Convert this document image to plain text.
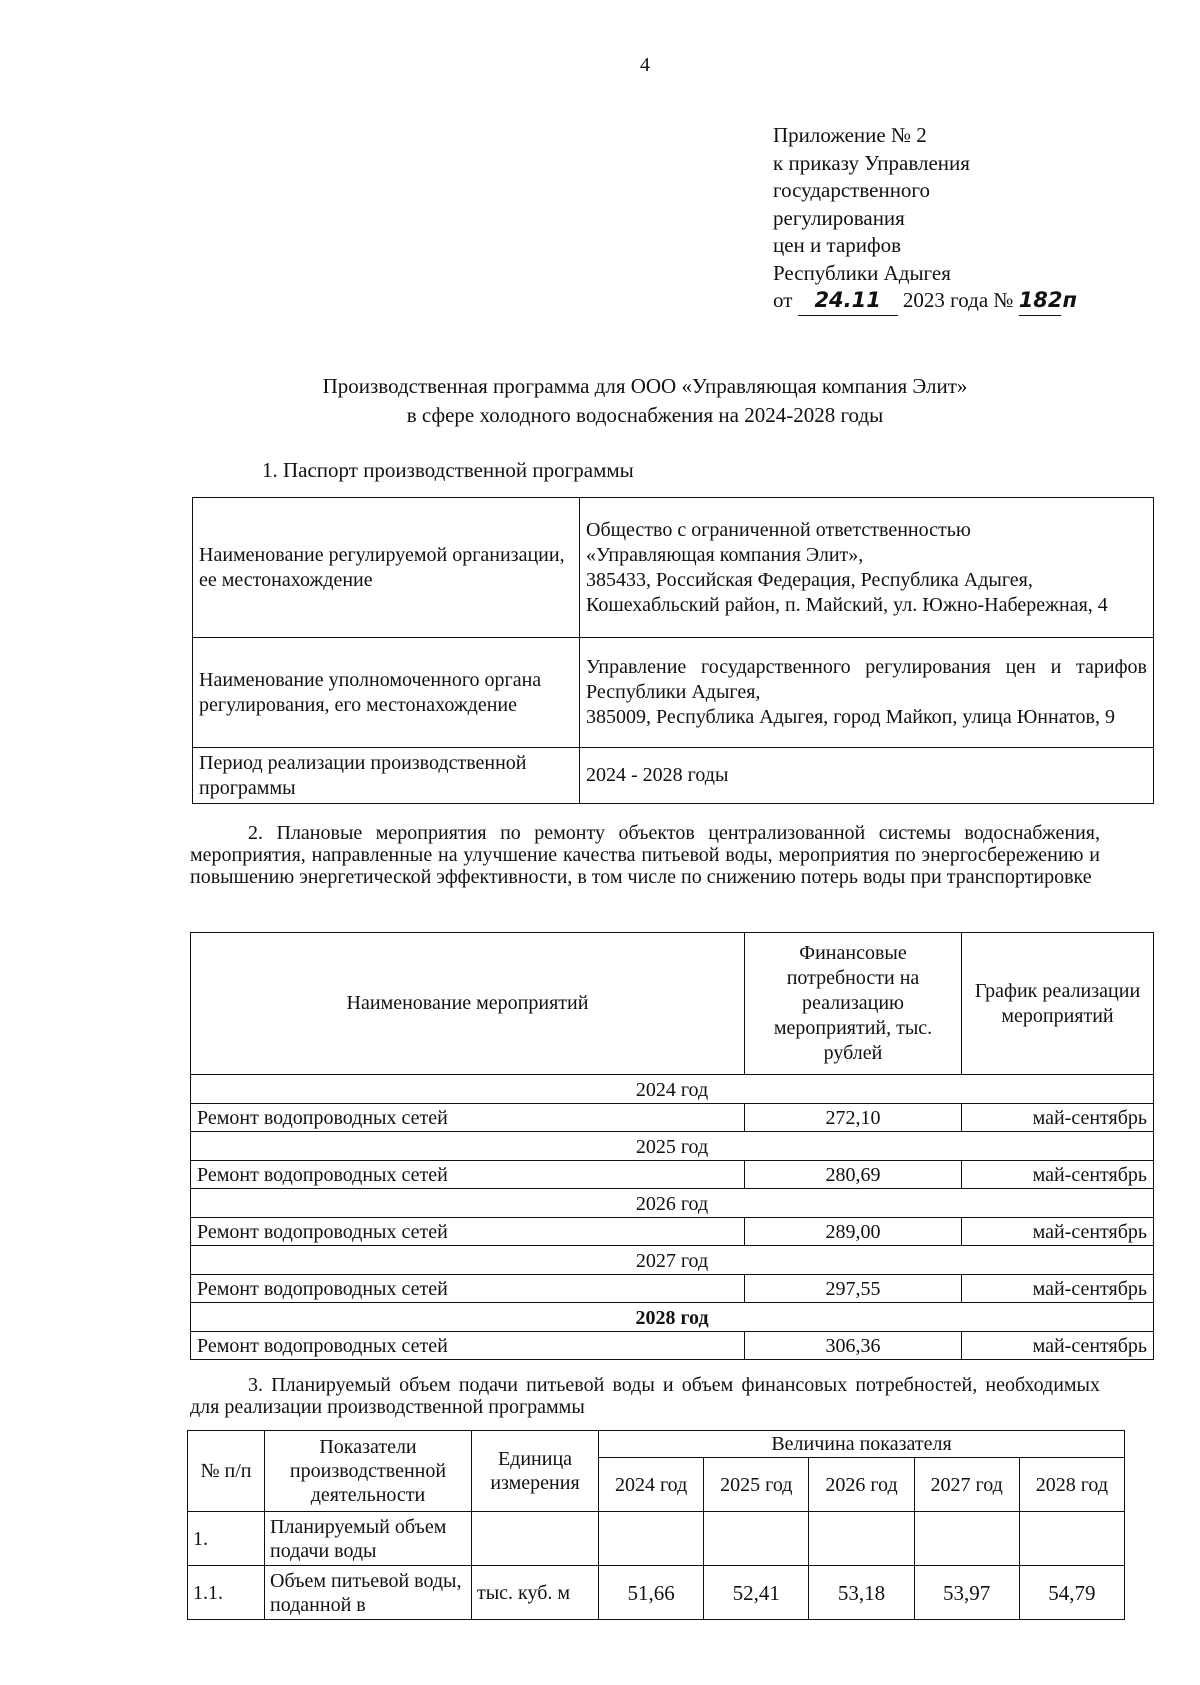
4
Приложение № 2
к приказу Управления
государственного
регулирования
цен и тарифов
Республики Адыгея
от 24.11 2023 года № 182п
Производственная программа для ООО «Управляющая компания Элит»
в сфере холодного водоснабжения на 2024-2028 годы
1. Паспорт производственной программы
Наименование регулируемой организации, ее местонахождение	Общество с ограниченной ответственностью
«Управляющая компания Элит»,
385433, Российская Федерация, Республика Адыгея,
Кошехабльский район, п. Майский, ул. Южно-Набережная, 4

Наименование уполномоченного органа регулирования, его местонахождение	Управление государственного регулирования цен и тарифов Республики Адыгея,
385009, Республика Адыгея, город Майкоп, улица Юннатов, 9

Период реализации производственной программы	2024 - 2028 годы
2. Плановые мероприятия по ремонту объектов централизованной системы водоснабжения, мероприятия, направленные на улучшение качества питьевой воды, мероприятия по энергосбережению и повышению энергетической эффективности, в том числе по снижению потерь воды при транспортировке
Наименование мероприятий	Финансовые потребности на реализацию мероприятий, тыс. рублей	График реализации мероприятий
2024 год		
Ремонт водопроводных сетей	272,10	май-сентябрь
2025 год		
Ремонт водопроводных сетей	280,69	май-сентябрь
2026 год		
Ремонт водопроводных сетей	289,00	май-сентябрь
2027 год		
Ремонт водопроводных сетей	297,55	май-сентябрь
2028 год		
Ремонт водопроводных сетей	306,36	май-сентябрь
3. Планируемый объем подачи питьевой воды и объем финансовых потребностей, необходимых для реализации производственной программы
№ п/п	Показатели производственной деятельности	Единица измерения	Величина показателя				
			2024 год	2025 год	2026 год	2027 год	2028 год
1.	Планируемый объем подачи воды						
1.1.	Объем питьевой воды, поданной в	тыс. куб. м	51,66	52,41	53,18	53,97	54,79
